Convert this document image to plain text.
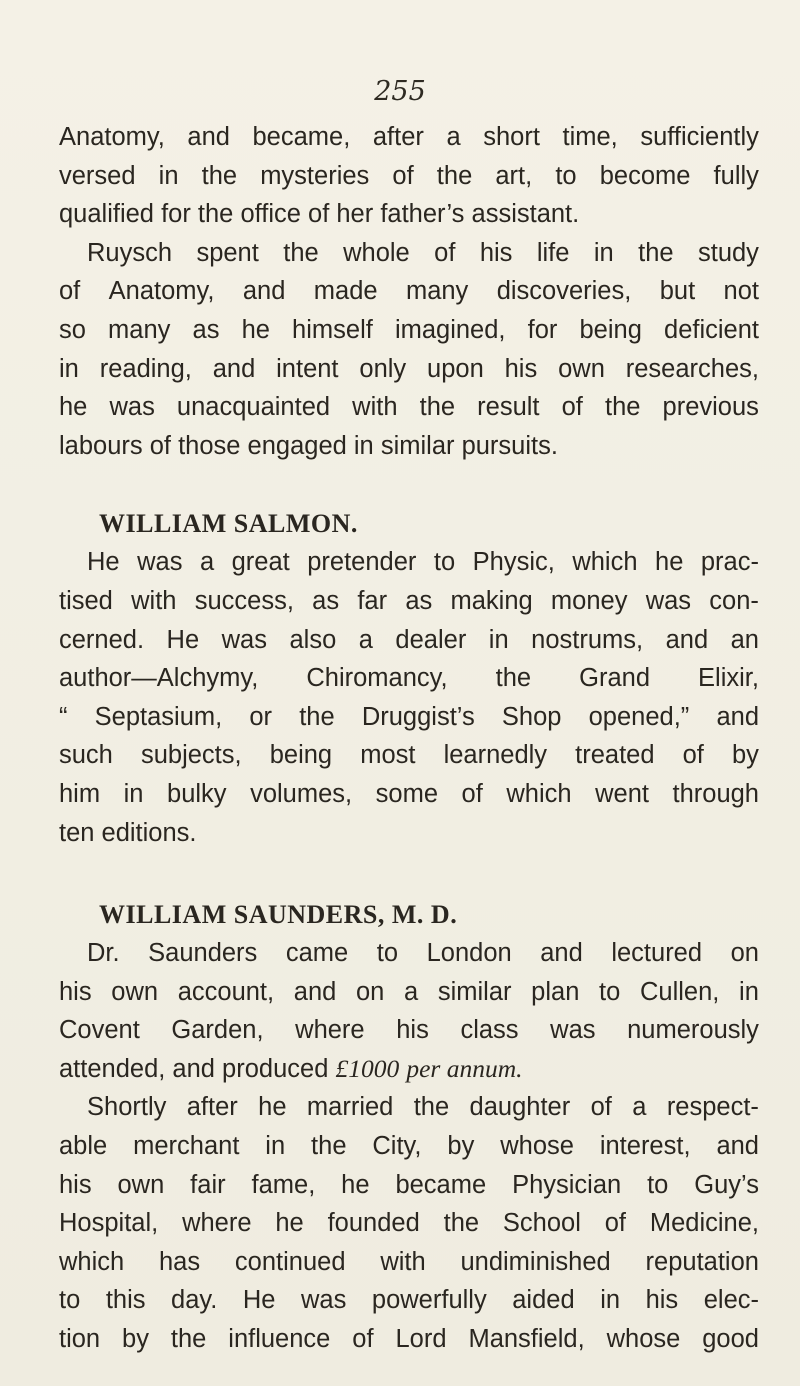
255
Anatomy, and became, after a short time, sufficiently
versed in the mysteries of the art, to become fully
qualified for the office of her father’s assistant.
Ruysch spent the whole of his life in the study
of Anatomy, and made many discoveries, but not
so many as he himself imagined, for being deficient
in reading, and intent only upon his own researches,
he was unacquainted with the result of the previous
labours of those engaged in similar pursuits.
WILLIAM SALMON.
He was a great pretender to Physic, which he prac-
tised with success, as far as making money was con-
cerned. He was also a dealer in nostrums, and an
author—Alchymy, Chiromancy, the Grand Elixir,
“ Septasium, or the Druggist’s Shop opened,” and
such subjects, being most learnedly treated of by
him in bulky volumes, some of which went through
ten editions.
WILLIAM SAUNDERS, M. D.
Dr. Saunders came to London and lectured on
his own account, and on a similar plan to Cullen, in
Covent Garden, where his class was numerously
attended, and produced £1000
per annum.
Shortly after he married the daughter of a respect-
able merchant in the City, by whose interest, and
his own fair fame, he became Physician to Guy’s
Hospital, where he founded the School of Medicine,
which has continued with undiminished reputation
to this day. He was powerfully aided in his elec-
tion by the influence of Lord Mansfield, whose good
